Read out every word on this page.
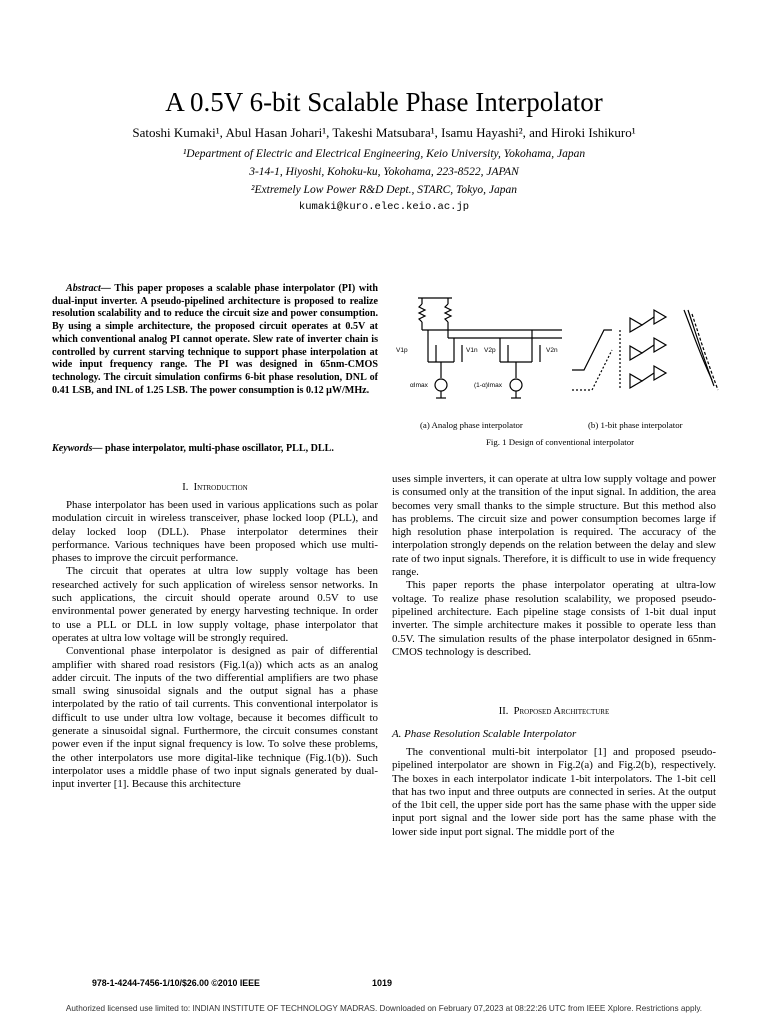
A 0.5V 6-bit Scalable Phase Interpolator
Satoshi Kumaki¹, Abul Hasan Johari¹, Takeshi Matsubara¹, Isamu Hayashi², and Hiroki Ishikuro¹
¹Department of Electric and Electrical Engineering, Keio University, Yokohama, Japan
3-14-1, Hiyoshi, Kohoku-ku, Yokohama, 223-8522, JAPAN
²Extremely Low Power R&D Dept., STARC, Tokyo, Japan
kumaki@kuro.elec.keio.ac.jp

Abstract— This paper proposes a scalable phase interpolator (PI) with dual-input inverter. A pseudo-pipelined architecture is proposed to realize resolution scalability and to reduce the circuit size and power consumption. By using a simple architecture, the proposed circuit operates at 0.5V at which conventional analog PI cannot operate. Slew rate of inverter chain is controlled by current starving technique to support phase interpolation at wide input frequency range. The PI was designed in 65nm-CMOS technology. The circuit simulation confirms 6-bit phase resolution, DNL of 0.41 LSB, and INL of 1.25 LSB. The power consumption is 0.12 μW/MHz.

Keywords— phase interpolator, multi-phase oscillator, PLL, DLL.
I. Introduction

Phase interpolator has been used in various applications such as polar modulation circuit in wireless transceiver, phase locked loop (PLL), and delay locked loop (DLL). Phase interpolator determines their performance. Various techniques have been proposed which use multi-phases to improve the circuit performance.

The circuit that operates at ultra low supply voltage has been researched actively for such application of wireless sensor networks. In such applications, the circuit should operate around 0.5V to use environmental power generated by energy harvesting technique. In order to use a PLL or DLL in low supply voltage, phase interpolator that operates at ultra low voltage will be strongly required.

Conventional phase interpolator is designed as pair of differential amplifier with shared road resistors (Fig.1(a)) which acts as an analog adder circuit. The inputs of the two differential amplifiers are two phase small swing sinusoidal signals and the output signal has a phase interpolated by the ratio of tail currents. This conventional interpolator is difficult to use under ultra low voltage, because it becomes difficult to generate a sinusoidal signal. Furthermore, the circuit consumes constant power even if the input signal frequency is low. To solve these problems, the other interpolators use more digital-like technique (Fig.1(b)). Such interpolator uses a middle phase of two input signals generated by dual-input inverter [1]. Because this architecture

V1p	V1n V2p	V2n
αImax	(1-α)Imax
(a) Analog phase interpolator	(b) 1-bit phase interpolator
Fig. 1 Design of conventional interpolator

uses simple inverters, it can operate at ultra low supply voltage and power is consumed only at the transition of the input signal. In addition, the area becomes very small thanks to the simple structure. But this method also has problems. The circuit size and power consumption becomes large if high resolution phase interpolation is required. The accuracy of the interpolation strongly depends on the relation between the delay and slew rate of two input signals. Therefore, it is difficult to use in wide frequency range.

This paper reports the phase interpolator operating at ultra-low voltage. To realize phase resolution scalability, we proposed pseudo-pipelined architecture. Each pipeline stage consists of 1-bit dual input inverter. The simple architecture makes it possible to operate less than 0.5V. The simulation results of the phase interpolator designed in 65nm-CMOS technology is described.

II. Proposed Architecture
A. Phase Resolution Scalable Interpolator

The conventional multi-bit interpolator [1] and proposed pseudo-pipelined interpolator are shown in Fig.2(a) and Fig.2(b), respectively. The boxes in each interpolator indicate 1-bit interpolators. The 1-bit cell that has two input and three outputs are connected in series. At the output of the 1bit cell, the upper side port has the same phase with the upper side input port signal and the lower side port has the same phase with the lower side input port signal. The middle port of the

978-1-4244-7456-1/10/$26.00 ©2010 IEEE	1019
Authorized licensed use limited to: INDIAN INSTITUTE OF TECHNOLOGY MADRAS. Downloaded on February 07,2023 at 08:22:26 UTC from IEEE Xplore. Restrictions apply.
